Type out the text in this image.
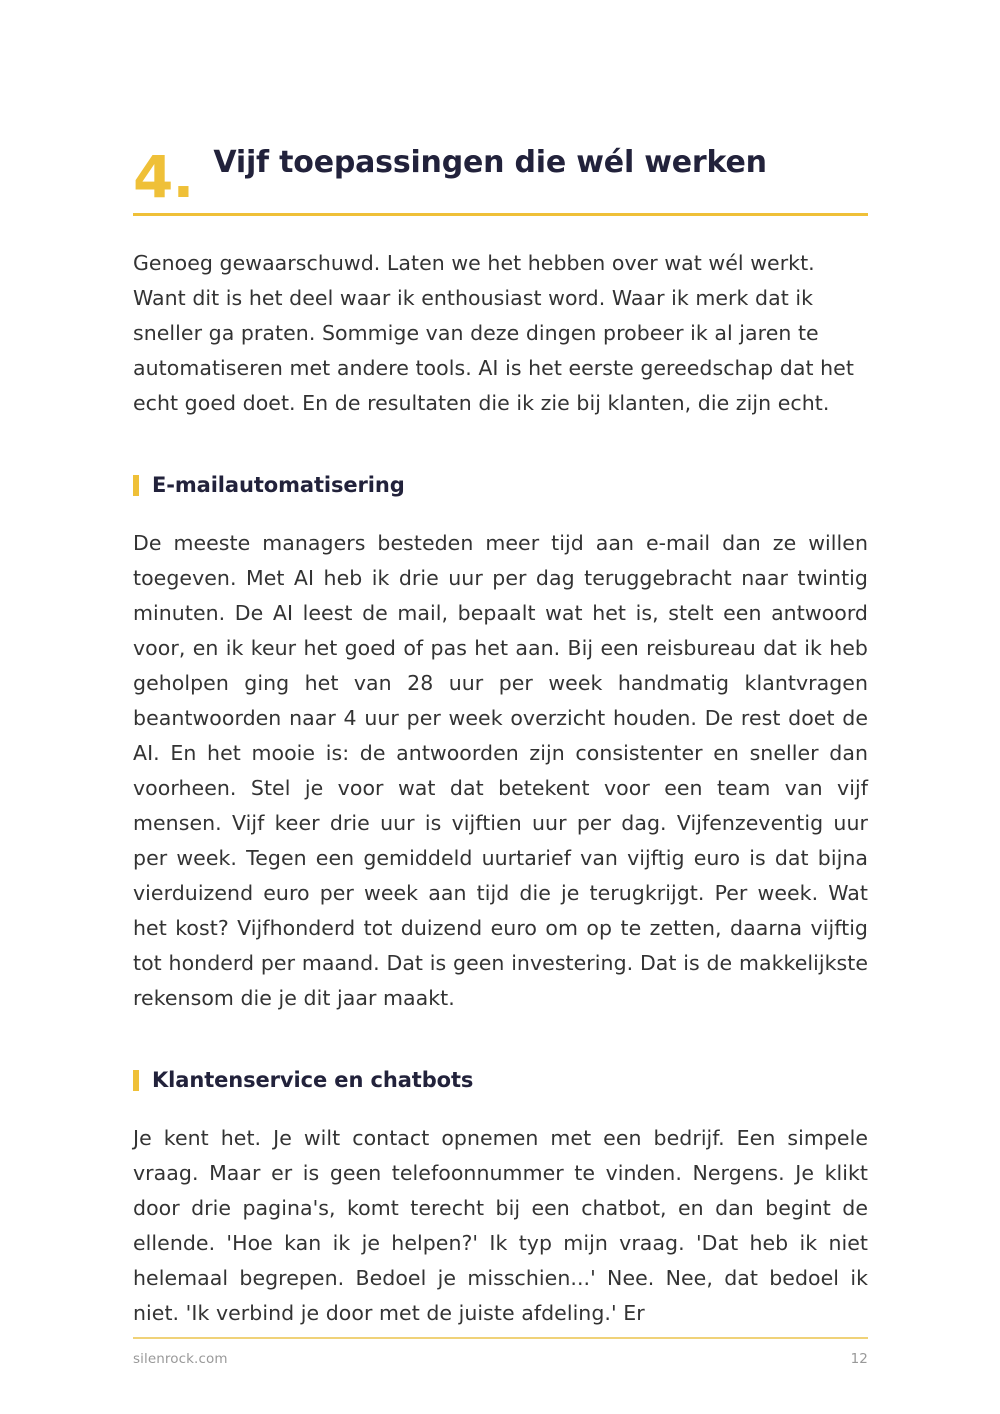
4. Vijf toepassingen die wél werken

Genoeg gewaarschuwd. Laten we het hebben over wat wél werkt. Want dit is het deel waar ik enthousiast word. Waar ik merk dat ik sneller ga praten. Sommige van deze dingen probeer ik al jaren te automatiseren met andere tools. AI is het eerste gereedschap dat het echt goed doet. En de resultaten die ik zie bij klanten, die zijn echt.

E-mailautomatisering

De meeste managers besteden meer tijd aan e-mail dan ze willen toegeven. Met AI heb ik drie uur per dag teruggebracht naar twintig minuten. De AI leest de mail, bepaalt wat het is, stelt een antwoord voor, en ik keur het goed of pas het aan. Bij een reisbureau dat ik heb geholpen ging het van 28 uur per week handmatig klantvragen beantwoorden naar 4 uur per week overzicht houden. De rest doet de AI. En het mooie is: de antwoorden zijn consistenter en sneller dan voorheen. Stel je voor wat dat betekent voor een team van vijf mensen. Vijf keer drie uur is vijftien uur per dag. Vijfenzeventig uur per week. Tegen een gemiddeld uurtarief van vijftig euro is dat bijna vierduizend euro per week aan tijd die je terugkrijgt. Per week. Wat het kost? Vijfhonderd tot duizend euro om op te zetten, daarna vijftig tot honderd per maand. Dat is geen investering. Dat is de makkelijkste rekensom die je dit jaar maakt.

Klantenservice en chatbots

Je kent het. Je wilt contact opnemen met een bedrijf. Een simpele vraag. Maar er is geen telefoonnummer te vinden. Nergens. Je klikt door drie pagina's, komt terecht bij een chatbot, en dan begint de ellende. 'Hoe kan ik je helpen?' Ik typ mijn vraag. 'Dat heb ik niet helemaal begrepen. Bedoel je misschien...' Nee. Nee, dat bedoel ik niet. 'Ik verbind je door met de juiste afdeling.' Er

silenrock.com	12
